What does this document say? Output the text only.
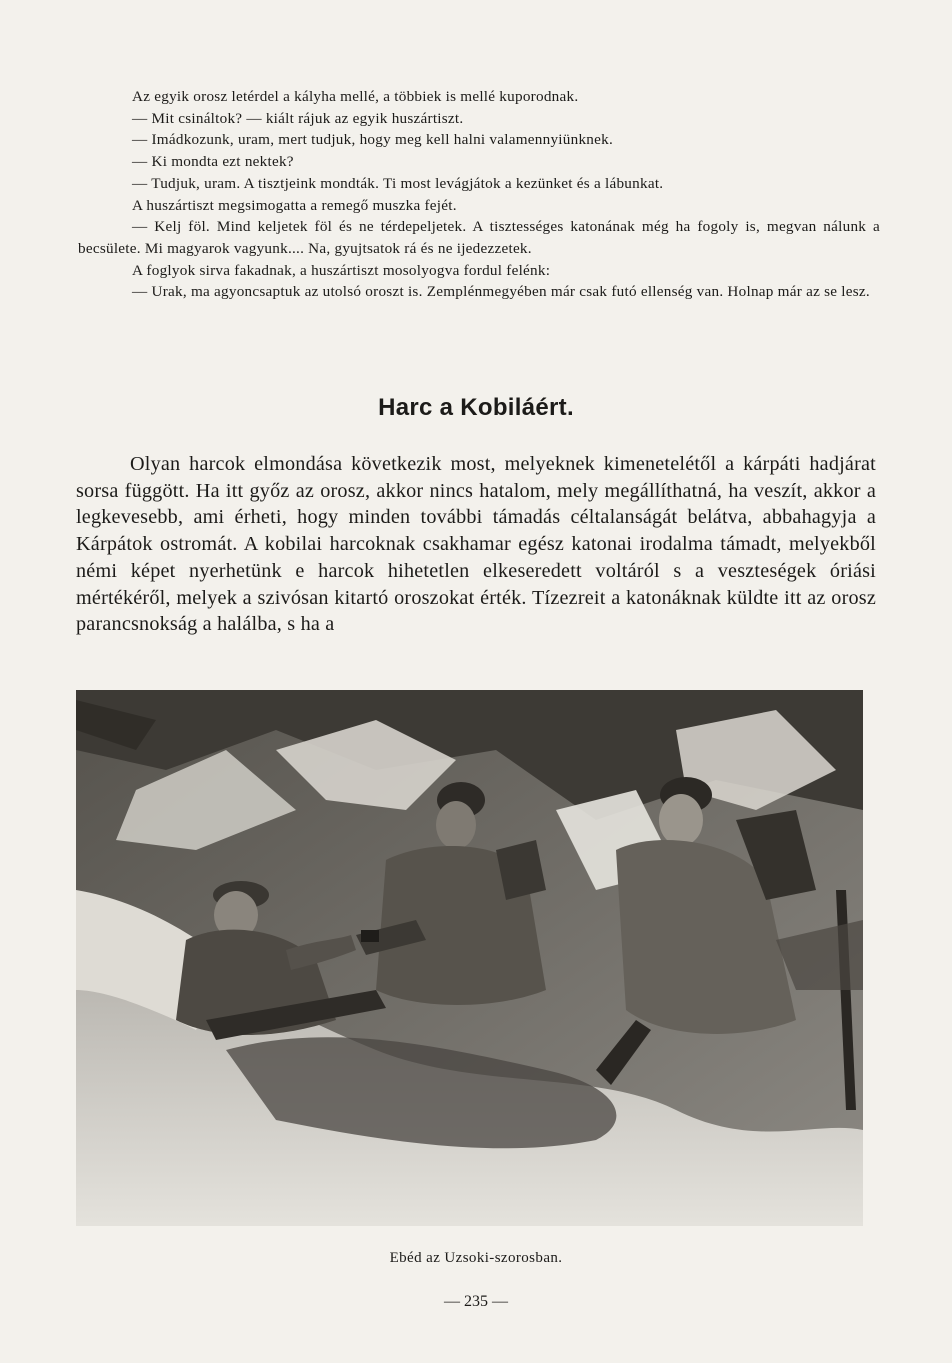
Az egyik orosz letérdel a kályha mellé, a többiek is mellé kuporodnak.

— Mit csináltok? — kiált rájuk az egyik huszártiszt.

— Imádkozunk, uram, mert tudjuk, hogy meg kell halni valamennyiünknek.

— Ki mondta ezt nektek?

— Tudjuk, uram. A tisztjeink mondták. Ti most levágjátok a kezünket és a lábunkat.

A huszártiszt megsimogatta a remegő muszka fejét.

— Kelj föl. Mind keljetek föl és ne térdepeljetek. A tisztességes katonának még ha fogoly is, megvan nálunk a becsülete. Mi magyarok vagyunk.... Na, gyujtsatok rá és ne ijedezzetek.

A foglyok sirva fakadnak, a huszártiszt mosolyogva fordul felénk:

— Urak, ma agyoncsaptuk az utolsó oroszt is. Zemplénmegyében már csak futó ellenség van. Holnap már az se lesz.

Harc a Kobiláért.

Olyan harcok elmondása következik most, melyeknek kimenetelétől a kárpáti hadjárat sorsa függött. Ha itt győz az orosz, akkor nincs hatalom, mely megállíthatná, ha veszít, akkor a legkevesebb, ami érheti, hogy minden további támadás céltalanságát belátva, abbahagyja a Kárpátok ostromát. A kobilai harcoknak csakhamar egész katonai irodalma támadt, melyekből némi képet nyerhetünk e harcok hihetetlen elkeseredett voltáról s a veszteségek óriási mértékéről, melyek a szivósan kitartó oroszokat érték. Tízezreit a katonáknak küldte itt az orosz parancsnokság a halálba, s ha a

Ebéd az Uzsoki-szorosban.
— 235 —
